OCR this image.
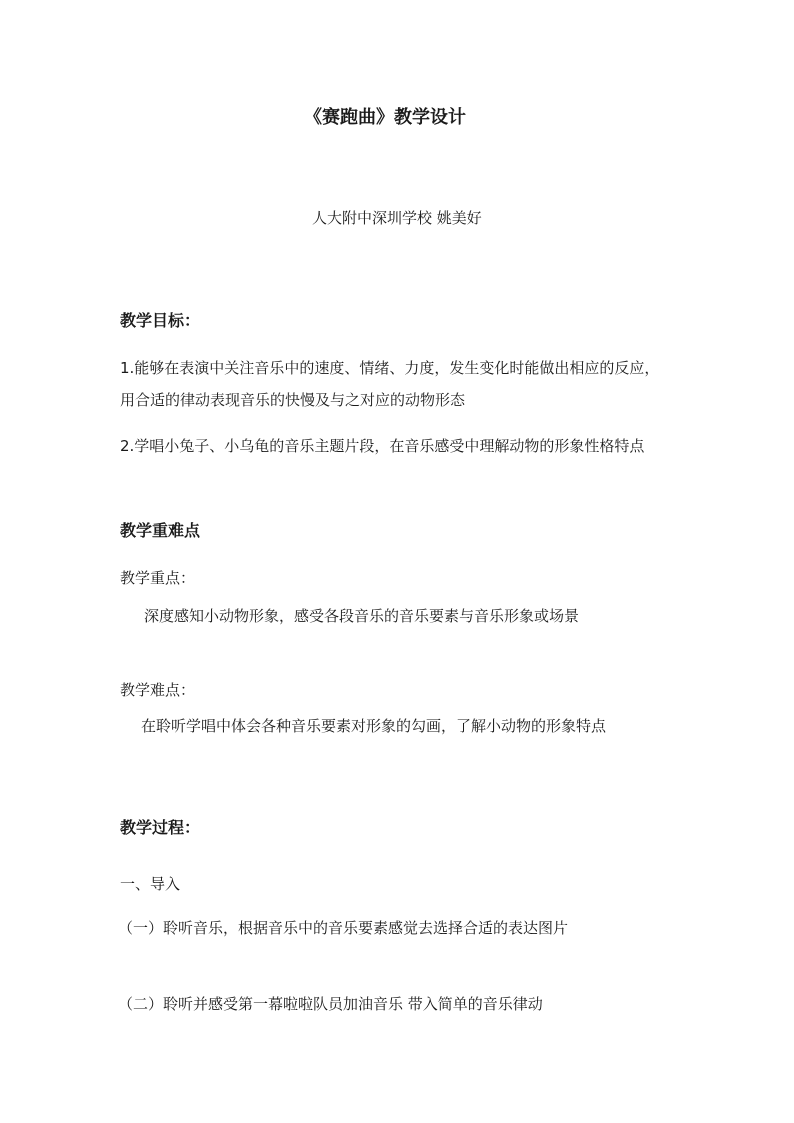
《赛跑曲》教学设计
人大附中深圳学校 姚美好
教学目标：
1.能够在表演中关注音乐中的速度、情绪、力度，发生变化时能做出相应的反应，
用合适的律动表现音乐的快慢及与之对应的动物形态
2.学唱小兔子、小乌龟的音乐主题片段，在音乐感受中理解动物的形象性格特点
教学重难点
教学重点：
深度感知小动物形象，感受各段音乐的音乐要素与音乐形象或场景
教学难点：
在聆听学唱中体会各种音乐要素对形象的勾画，了解小动物的形象特点
教学过程：
一、导入
（一）聆听音乐，根据音乐中的音乐要素感觉去选择合适的表达图片
（二）聆听并感受第一幕啦啦队员加油音乐 带入简单的音乐律动
